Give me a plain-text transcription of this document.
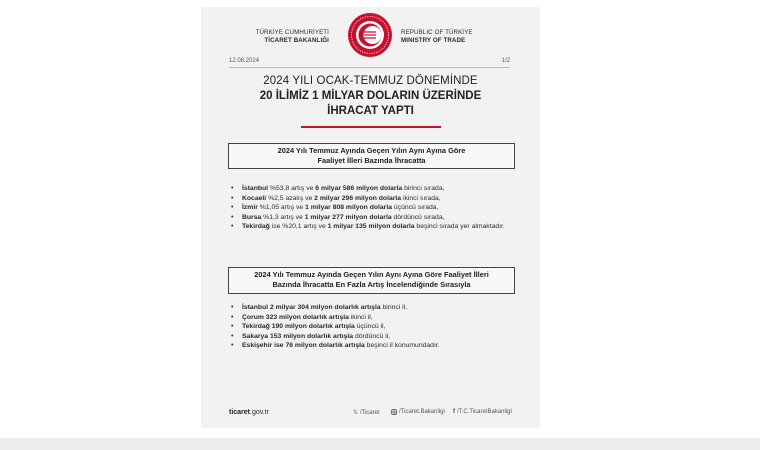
TÜRKİYE CUMHURİYETİ
TİCARET BAKANLIĞI
REPUBLIC OF TÜRKİYE
MINISTRY OF TRADE
12.08.2024	1/2
2024 YILI OCAK-TEMMUZ DÖNEMİNDE
20 İLİMİZ 1 MİLYAR DOLARIN ÜZERİNDE
İHRACAT YAPTI
2024 Yılı Temmuz Ayında Geçen Yılın Aynı Ayına Göre
Faaliyet İlleri Bazında İhracatta
• İstanbul %53,8 artış ve 6 milyar 586 milyon dolarla birinci sırada,
• Kocaeli %2,5 azalış ve 2 milyar 296 milyon dolarla ikinci sırada,
• İzmir %1,05 artış ve 1 milyar 808 milyon dolarla üçüncü sırada,
• Bursa %1,3 artış ve 1 milyar 277 milyon dolarla dördüncü sırada,
• Tekirdağ ise %20,1 artış ve 1 milyar 135 milyon dolarla beşinci sırada yer almaktadır.
2024 Yılı Temmuz Ayında Geçen Yılın Aynı Ayına Göre Faaliyet İlleri
Bazında İhracatta En Fazla Artış İncelendiğinde Sırasıyla
• İstanbul 2 milyar 304 milyon dolarlık artışla birinci il,
• Çorum 323 milyon dolarlık artışla ikinci il,
• Tekirdağ 190 milyon dolarlık artışla üçüncü il,
• Sakarya 153 milyon dolarlık artışla dördüncü il,
• Eskişehir ise 76 milyon dolarlık artışla beşinci il konumundadır.
ticaret.gov.tr	𝕏 /Ticaret	/Ticaret.Bakanligi f /T.C.TicaretBakanligi
